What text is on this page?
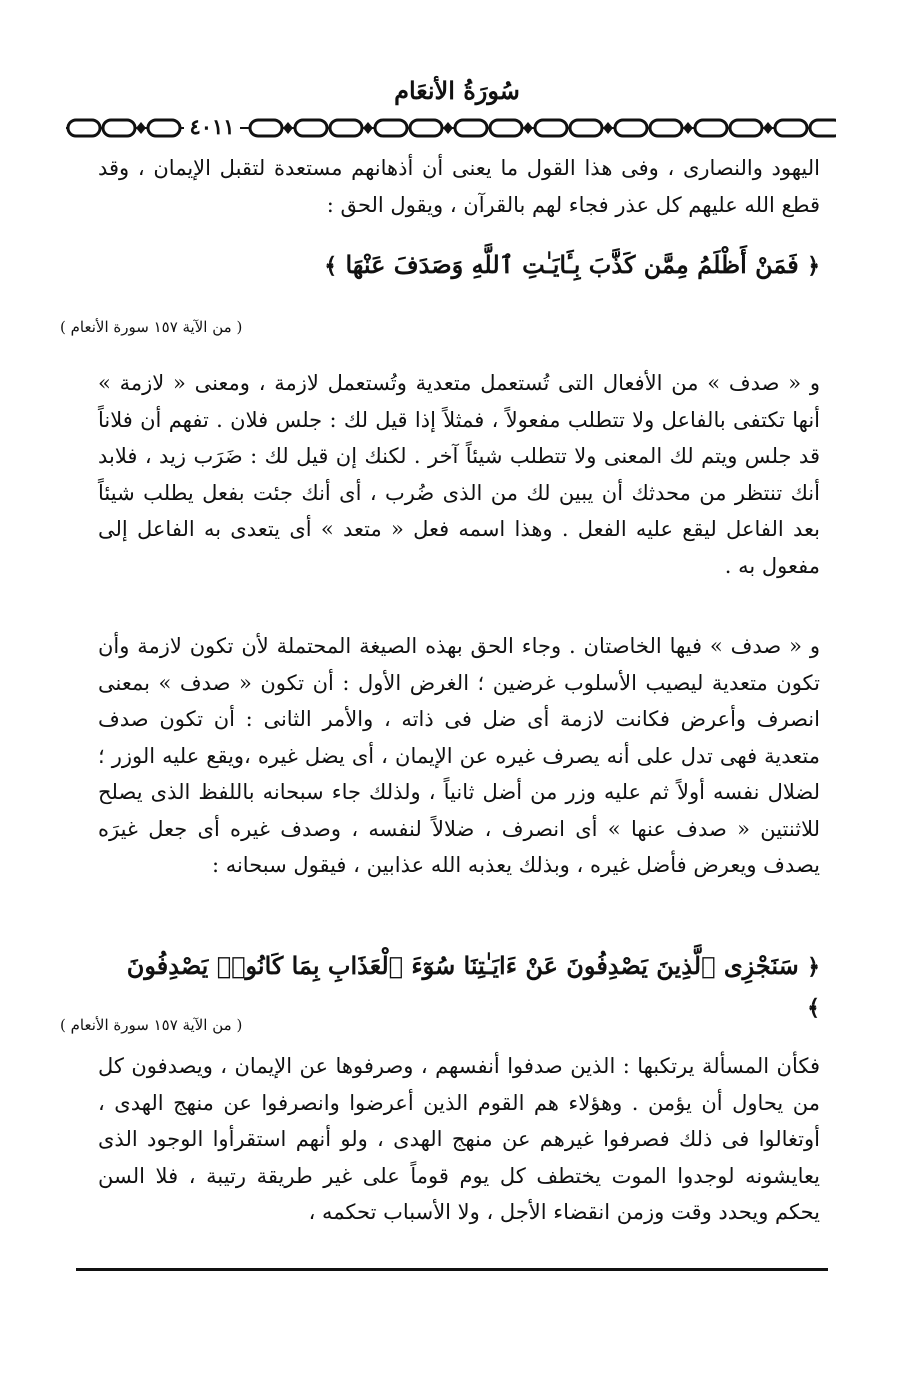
سُورَةُ الأنعَام
٤٠١١

اليهود والنصارى ، وفى هذا القول ما يعنى أن أذهانهم مستعدة لتقبل الإيمان ، وقد قطع الله عليهم كل عذر فجاء لهم بالقرآن ، ويقول الحق :

﴿ فَمَنْ أَظْلَمُ مِمَّن كَذَّبَ بِـَٔايَـٰتِ ٱللَّهِ وَصَدَفَ عَنْهَا ﴾
( من الآية ١٥٧ سورة الأنعام )

و « صدف » من الأفعال التى تُستعمل متعدية وتُستعمل لازمة ، ومعنى « لازمة » أنها تكتفى بالفاعل ولا تتطلب مفعولاً ، فمثلاً إذا قيل لك : جلس فلان . تفهم أن فلاناً قد جلس ويتم لك المعنى ولا تتطلب شيئاً آخر . لكنك إن قيل لك : ضَرَب زيد ، فلابد أنك تنتظر من محدثك أن يبين لك من الذى ضُرب ، أى أنك جئت بفعل يطلب شيئاً بعد الفاعل ليقع عليه الفعل . وهذا اسمه فعل « متعد » أى يتعدى به الفاعل إلى مفعول به .

و « صدف » فيها الخاصتان . وجاء الحق بهذه الصيغة المحتملة لأن تكون لازمة وأن تكون متعدية ليصيب الأسلوب غرضين ؛ الغرض الأول : أن تكون « صدف » بمعنى انصرف وأعرض فكانت لازمة أى ضل فى ذاته ، والأمر الثانى : أن تكون صدف متعدية فهى تدل على أنه يصرف غيره عن الإيمان ، أى يضل غيره ،ويقع عليه الوزر ؛ لضلال نفسه أولاً ثم عليه وزر من أضل ثانياً ، ولذلك جاء سبحانه باللفظ الذى يصلح للاثنتين « صدف عنها » أى انصرف ، ضلالاً لنفسه ، وصدف غيره أى جعل غيرَه يصدف ويعرض فأضل غيره ، وبذلك يعذبه الله عذابين ، فيقول سبحانه :

﴿ سَنَجْزِى ٱلَّذِينَ يَصْدِفُونَ عَنْ ءَايَـٰتِنَا سُوٓءَ ٱلْعَذَابِ بِمَا كَانُوا۟ يَصْدِفُونَ ﴾
( من الآية ١٥٧ سورة الأنعام )

فكأن المسألة يرتكبها : الذين صدفوا أنفسهم ، وصرفوها عن الإيمان ، ويصدفون كل من يحاول أن يؤمن . وهؤلاء هم القوم الذين أعرضوا وانصرفوا عن منهج الهدى ، أوتغالوا فى ذلك فصرفوا غيرهم عن منهج الهدى ، ولو أنهم استقرأوا الوجود الذى يعايشونه لوجدوا الموت يختطف كل يوم قوماً على غير طريقة رتيبة ، فلا السن يحكم ويحدد وقت وزمن انقضاء الأجل ، ولا الأسباب تحكمه ،
